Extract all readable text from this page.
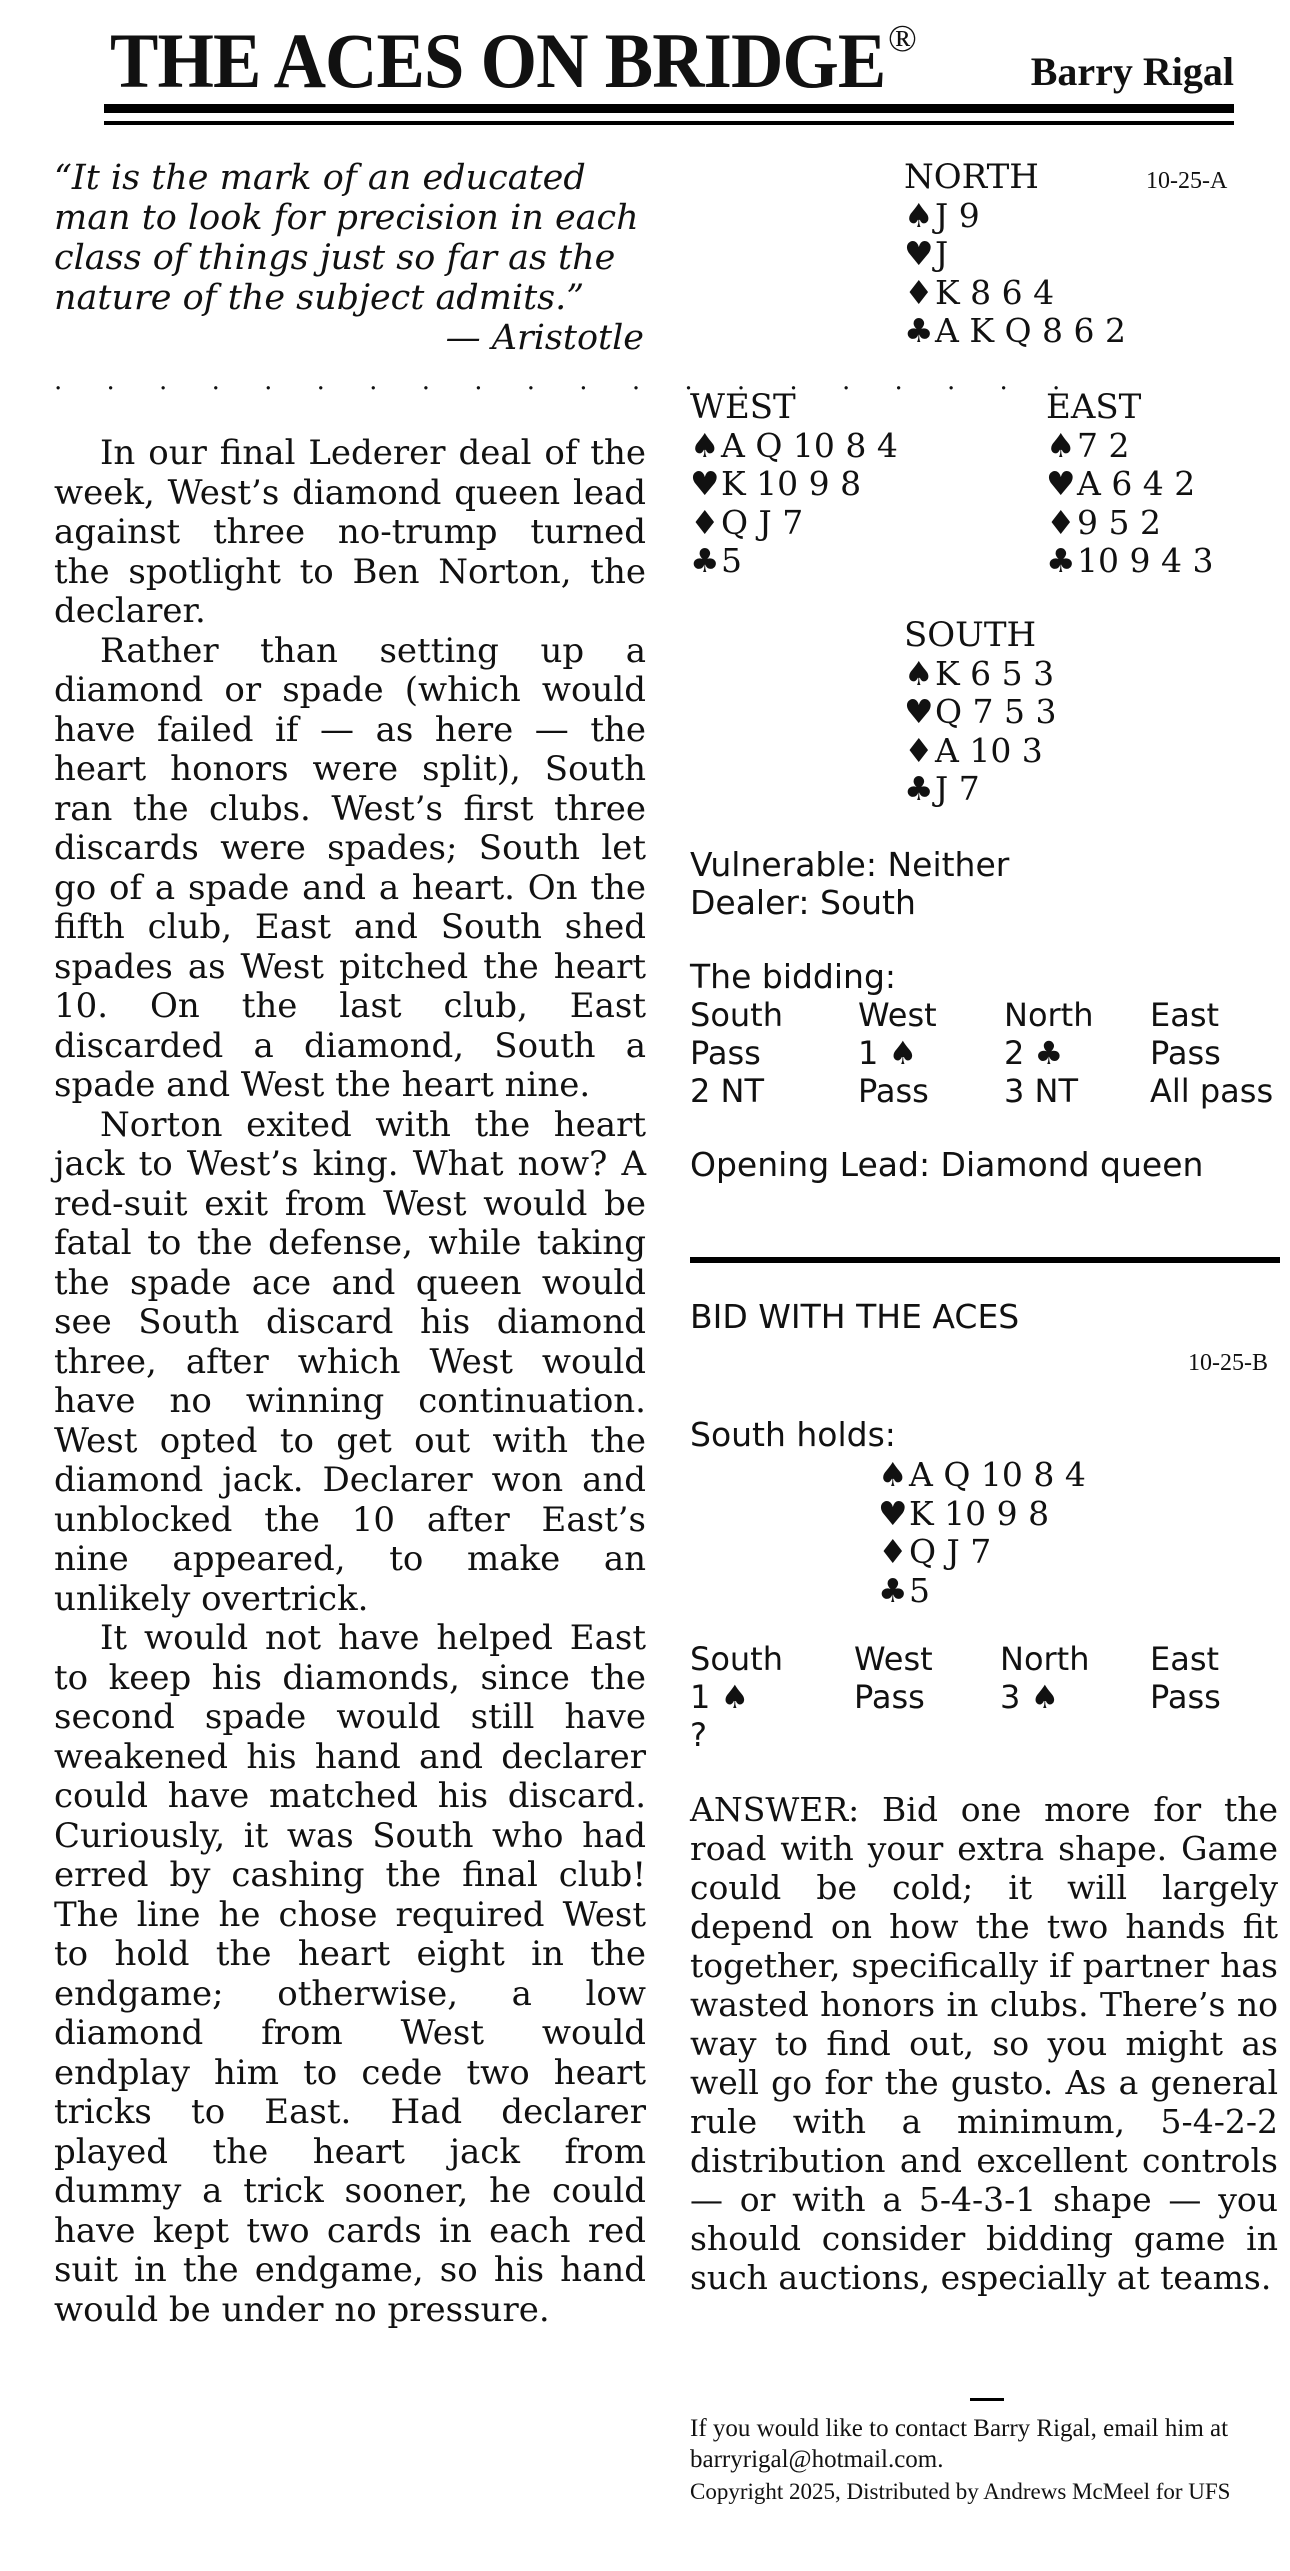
THE ACES ON BRIDGE ®
Barry Rigal
“It is the mark of an educated man to look for precision in each class of things just so far as the nature of the subject admits.”
— Aristotle
. . . . . . . . . . . . . . . . . . . .

In our final Lederer deal of the week, West’s diamond queen lead against three no-trump turned the spotlight to Ben Norton, the declarer.

Rather than setting up a diamond or spade (which would have failed if — as here — the heart honors were split), South ran the clubs. West’s first three discards were spades; South let go of a spade and a heart. On the fifth club, East and South shed spades as West pitched the heart 10. On the last club, East discarded a diamond, South a spade and West the heart nine.

Norton exited with the heart jack to West’s king. What now? A red-suit exit from West would be fatal to the defense, while taking the spade ace and queen would see South discard his diamond three, after which West would have no winning continuation. West opted to get out with the diamond jack. Declarer won and unblocked the 10 after East’s nine appeared, to make an unlikely overtrick.

It would not have helped East to keep his diamonds, since the second spade would still have weakened his hand and declarer could have matched his discard. Curiously, it was South who had erred by cashing the final club! The line he chose required West to hold the heart eight in the endgame; otherwise, a low diamond from West would endplay him to cede two heart tricks to East. Had declarer played the heart jack from dummy a trick sooner, he could have kept two cards in each red suit in the endgame, so his hand would be under no pressure.

10-25-A
NORTH
♠J 9
♥J
♦K 8 6 4
♣A K Q 8 6 2
WEST
♠A Q 10 8 4
♥K 10 9 8
♦Q J 7
♣5
EAST
♠7 2
♥A 6 4 2
♦9 5 2
♣10 9 4 3
SOUTH
♠K 6 5 3
♥Q 7 5 3
♦A 10 3
♣J 7
Vulnerable: Neither
Dealer: South
The bidding:
South	West	North	East
Pass	1 ♠	2 ♣	Pass
2 NT	Pass	3 NT	All pass
Opening Lead: Diamond queen
BID WITH THE ACES
10-25-B
South holds:
♠A Q 10 8 4
♥K 10 9 8
♦Q J 7
♣5
South	West	North	East
1 ♠	Pass	3 ♠	Pass
?
ANSWER: Bid one more for the road with your extra shape. Game could be cold; it will largely depend on how the two hands fit together, specifically if partner has wasted honors in clubs. There’s no way to find out, so you might as well go for the gusto. As a general rule with a minimum, 5-4-2-2 distribution and excellent controls — or with a 5-4-3-1 shape — you should consider bidding game in such auctions, especially at teams.
If you would like to contact Barry Rigal, email him at barryrigal@hotmail.com.
Copyright 2025, Distributed by Andrews McMeel for UFS
